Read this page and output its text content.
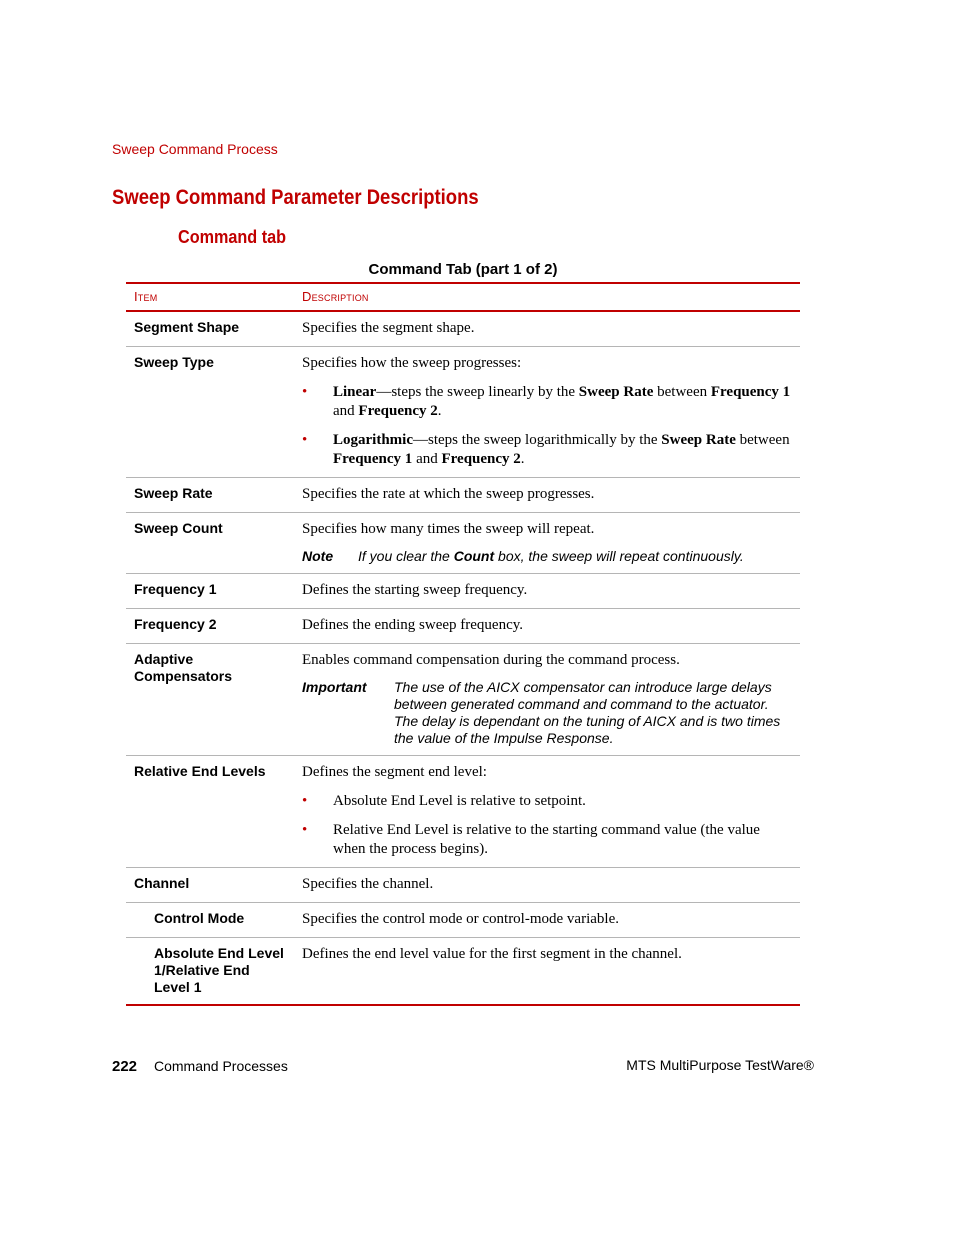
Sweep Command Process
Sweep Command Parameter Descriptions
Command tab
Command Tab (part 1 of 2)
Item	Description
Segment Shape	Specifies the segment shape.
Sweep Type	Specifies how the sweep progresses:

• Linear—steps the sweep linearly by the Sweep Rate between Frequency 1 and Frequency 2.
• Logarithmic—steps the sweep logarithmically by the Sweep Rate between Frequency 1 and Frequency 2.

Sweep Rate	Specifies the rate at which the sweep progresses.
Sweep Count	Specifies how many times the sweep will repeat.

Note If you clear the Count box, the sweep will repeat continuously.

Frequency 1	Defines the starting sweep frequency.
Frequency 2	Defines the ending sweep frequency.
Adaptive Compensators	Enables command compensation during the command process.

Important The use of the AICX compensator can introduce large delays between generated command and command to the actuator. The delay is dependant on the tuning of AICX and is two times the value of the Impulse Response.

Relative End Levels	Defines the segment end level:

• Absolute End Level is relative to setpoint.
• Relative End Level is relative to the starting command value (the value when the process begins).

Channel	Specifies the channel.
Control Mode	Specifies the control mode or control-mode variable.
Absolute End Level 1/Relative End Level 1	Defines the end level value for the first segment in the channel.
222 Command Processes	MTS MultiPurpose TestWare®
